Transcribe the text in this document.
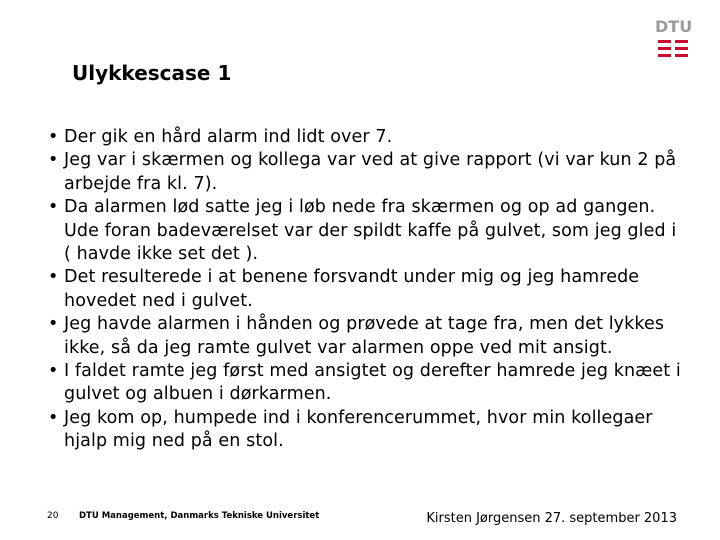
DTU
Ulykkescase 1
• Der gik en hård alarm ind lidt over 7.
• Jeg var i skærmen og kollega var ved at give rapport (vi var kun 2 på arbejde fra kl. 7).
• Da alarmen lød satte jeg i løb nede fra skærmen og op ad gangen. Ude foran badeværelset var der spildt kaffe på gulvet, som jeg gled i ( havde ikke set det ).
• Det resulterede i at benene forsvandt under mig og jeg hamrede hovedet ned i gulvet.
• Jeg havde alarmen i hånden og prøvede at tage fra, men det lykkes ikke, så da jeg ramte gulvet var alarmen oppe ved mit ansigt.
• I faldet ramte jeg først med ansigtet og derefter hamrede jeg knæet i gulvet og albuen i dørkarmen.
• Jeg kom op, humpede ind i konferencerummet, hvor min kollegaer hjalp mig ned på en stol.
20 DTU Management, Danmarks Tekniske Universitet	Kirsten Jørgensen 27. september 2013
